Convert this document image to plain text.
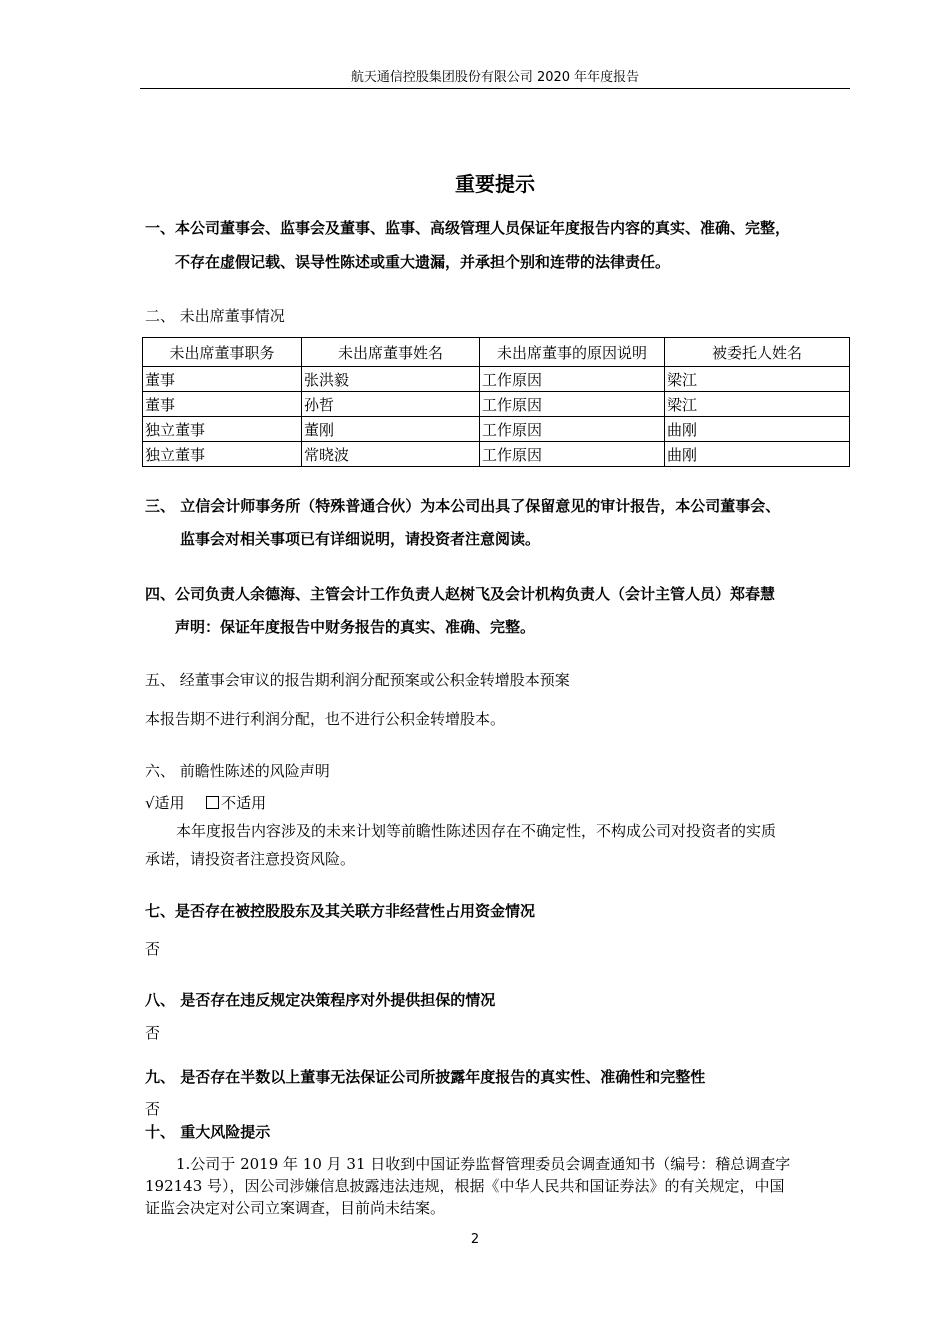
航天通信控股集团股份有限公司 2020 年年度报告
重要提示
一、本公司董事会、监事会及董事、监事、高级管理人员保证年度报告内容的真实、准确、完整，
不存在虚假记载、误导性陈述或重大遗漏，并承担个别和连带的法律责任。
二、 未出席董事情况
未出席董事职务	未出席董事姓名	未出席董事的原因说明	被委托人姓名
董事	张洪毅	工作原因	梁江
董事	孙哲	工作原因	梁江
独立董事	董刚	工作原因	曲刚
独立董事	常晓波	工作原因	曲刚
三、 立信会计师事务所（特殊普通合伙）为本公司出具了保留意见的审计报告，本公司董事会、
监事会对相关事项已有详细说明，请投资者注意阅读。
四、公司负责人余德海、主管会计工作负责人赵树飞及会计机构负责人（会计主管人员）郑春慧
声明：保证年度报告中财务报告的真实、准确、完整。
五、 经董事会审议的报告期利润分配预案或公积金转增股本预案
本报告期不进行利润分配，也不进行公积金转增股本。
六、 前瞻性陈述的风险声明
√适用 不适用
本年度报告内容涉及的未来计划等前瞻性陈述因存在不确定性，不构成公司对投资者的实质
承诺，请投资者注意投资风险。
七、是否存在被控股股东及其关联方非经营性占用资金情况
否
八、 是否存在违反规定决策程序对外提供担保的情况
否
九、 是否存在半数以上董事无法保证公司所披露年度报告的真实性、准确性和完整性
否
十、 重大风险提示
1.公司于 2019 年 10 月 31 日收到中国证券监督管理委员会调查通知书（编号：稽总调查字
192143 号），因公司涉嫌信息披露违法违规，根据《中华人民共和国证券法》的有关规定，中国
证监会决定对公司立案调查，目前尚未结案。
2
